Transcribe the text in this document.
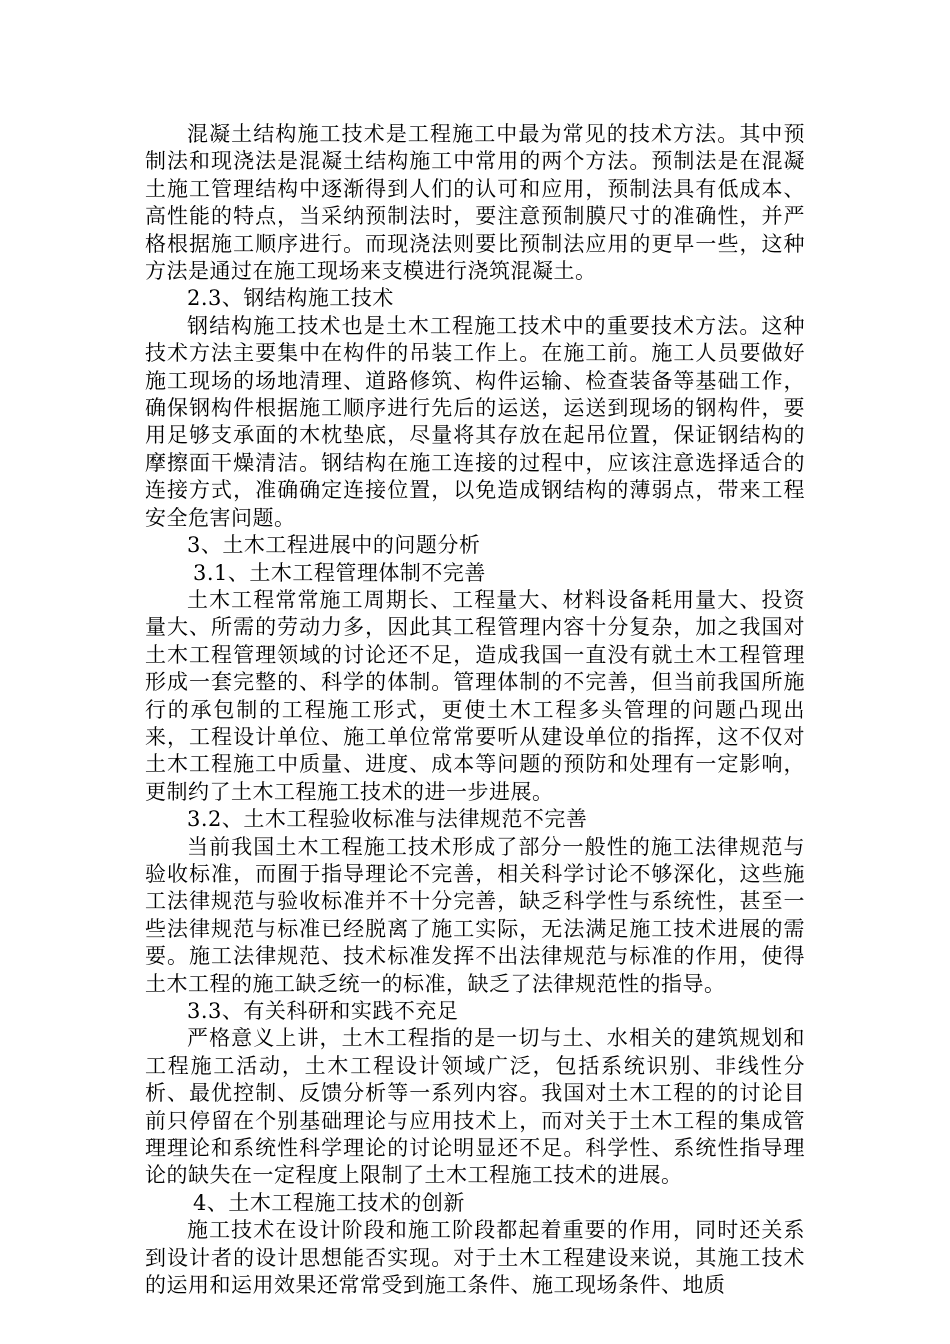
混凝土结构施工技术是工程施工中最为常见的技术方法。其中预制法和现浇法是混凝土结构施工中常用的两个方法。预制法是在混凝土施工管理结构中逐渐得到人们的认可和应用，预制法具有低成本、高性能的特点，当采纳预制法时，要注意预制膜尺寸的准确性，并严格根据施工顺序进行。而现浇法则要比预制法应用的更早一些，这种方法是通过在施工现场来支模进行浇筑混凝土。

2.3、钢结构施工技术

钢结构施工技术也是土木工程施工技术中的重要技术方法。这种技术方法主要集中在构件的吊装工作上。在施工前。施工人员要做好施工现场的场地清理、道路修筑、构件运输、检查装备等基础工作，确保钢构件根据施工顺序进行先后的运送，运送到现场的钢构件，要用足够支承面的木枕垫底，尽量将其存放在起吊位置，保证钢结构的摩擦面干燥清洁。钢结构在施工连接的过程中，应该注意选择适合的连接方式，准确确定连接位置，以免造成钢结构的薄弱点，带来工程安全危害问题。

3、土木工程进展中的问题分析

3.1、土木工程管理体制不完善

土木工程常常施工周期长、工程量大、材料设备耗用量大、投资量大、所需的劳动力多，因此其工程管理内容十分复杂，加之我国对土木工程管理领域的讨论还不足，造成我国一直没有就土木工程管理形成一套完整的、科学的体制。管理体制的不完善，但当前我国所施行的承包制的工程施工形式，更使土木工程多头管理的问题凸现出来，工程设计单位、施工单位常常要听从建设单位的指挥，这不仅对土木工程施工中质量、进度、成本等问题的预防和处理有一定影响，更制约了土木工程施工技术的进一步进展。

3.2、土木工程验收标准与法律规范不完善

当前我国土木工程施工技术形成了部分一般性的施工法律规范与验收标准，而囿于指导理论不完善，相关科学讨论不够深化，这些施工法律规范与验收标准并不十分完善，缺乏科学性与系统性，甚至一些法律规范与标准已经脱离了施工实际，无法满足施工技术进展的需要。施工法律规范、技术标准发挥不出法律规范与标准的作用，使得土木工程的施工缺乏统一的标准，缺乏了法律规范性的指导。

3.3、有关科研和实践不充足

严格意义上讲，土木工程指的是一切与土、水相关的建筑规划和工程施工活动，土木工程设计领域广泛，包括系统识别、非线性分析、最优控制、反馈分析等一系列内容。我国对土木工程的的讨论目前只停留在个别基础理论与应用技术上，而对关于土木工程的集成管理理论和系统性科学理论的讨论明显还不足。科学性、系统性指导理论的缺失在一定程度上限制了土木工程施工技术的进展。

4、土木工程施工技术的创新

施工技术在设计阶段和施工阶段都起着重要的作用，同时还关系到设计者的设计思想能否实现。对于土木工程建设来说，其施工技术的运用和运用效果还常常受到施工条件、施工现场条件、地质
